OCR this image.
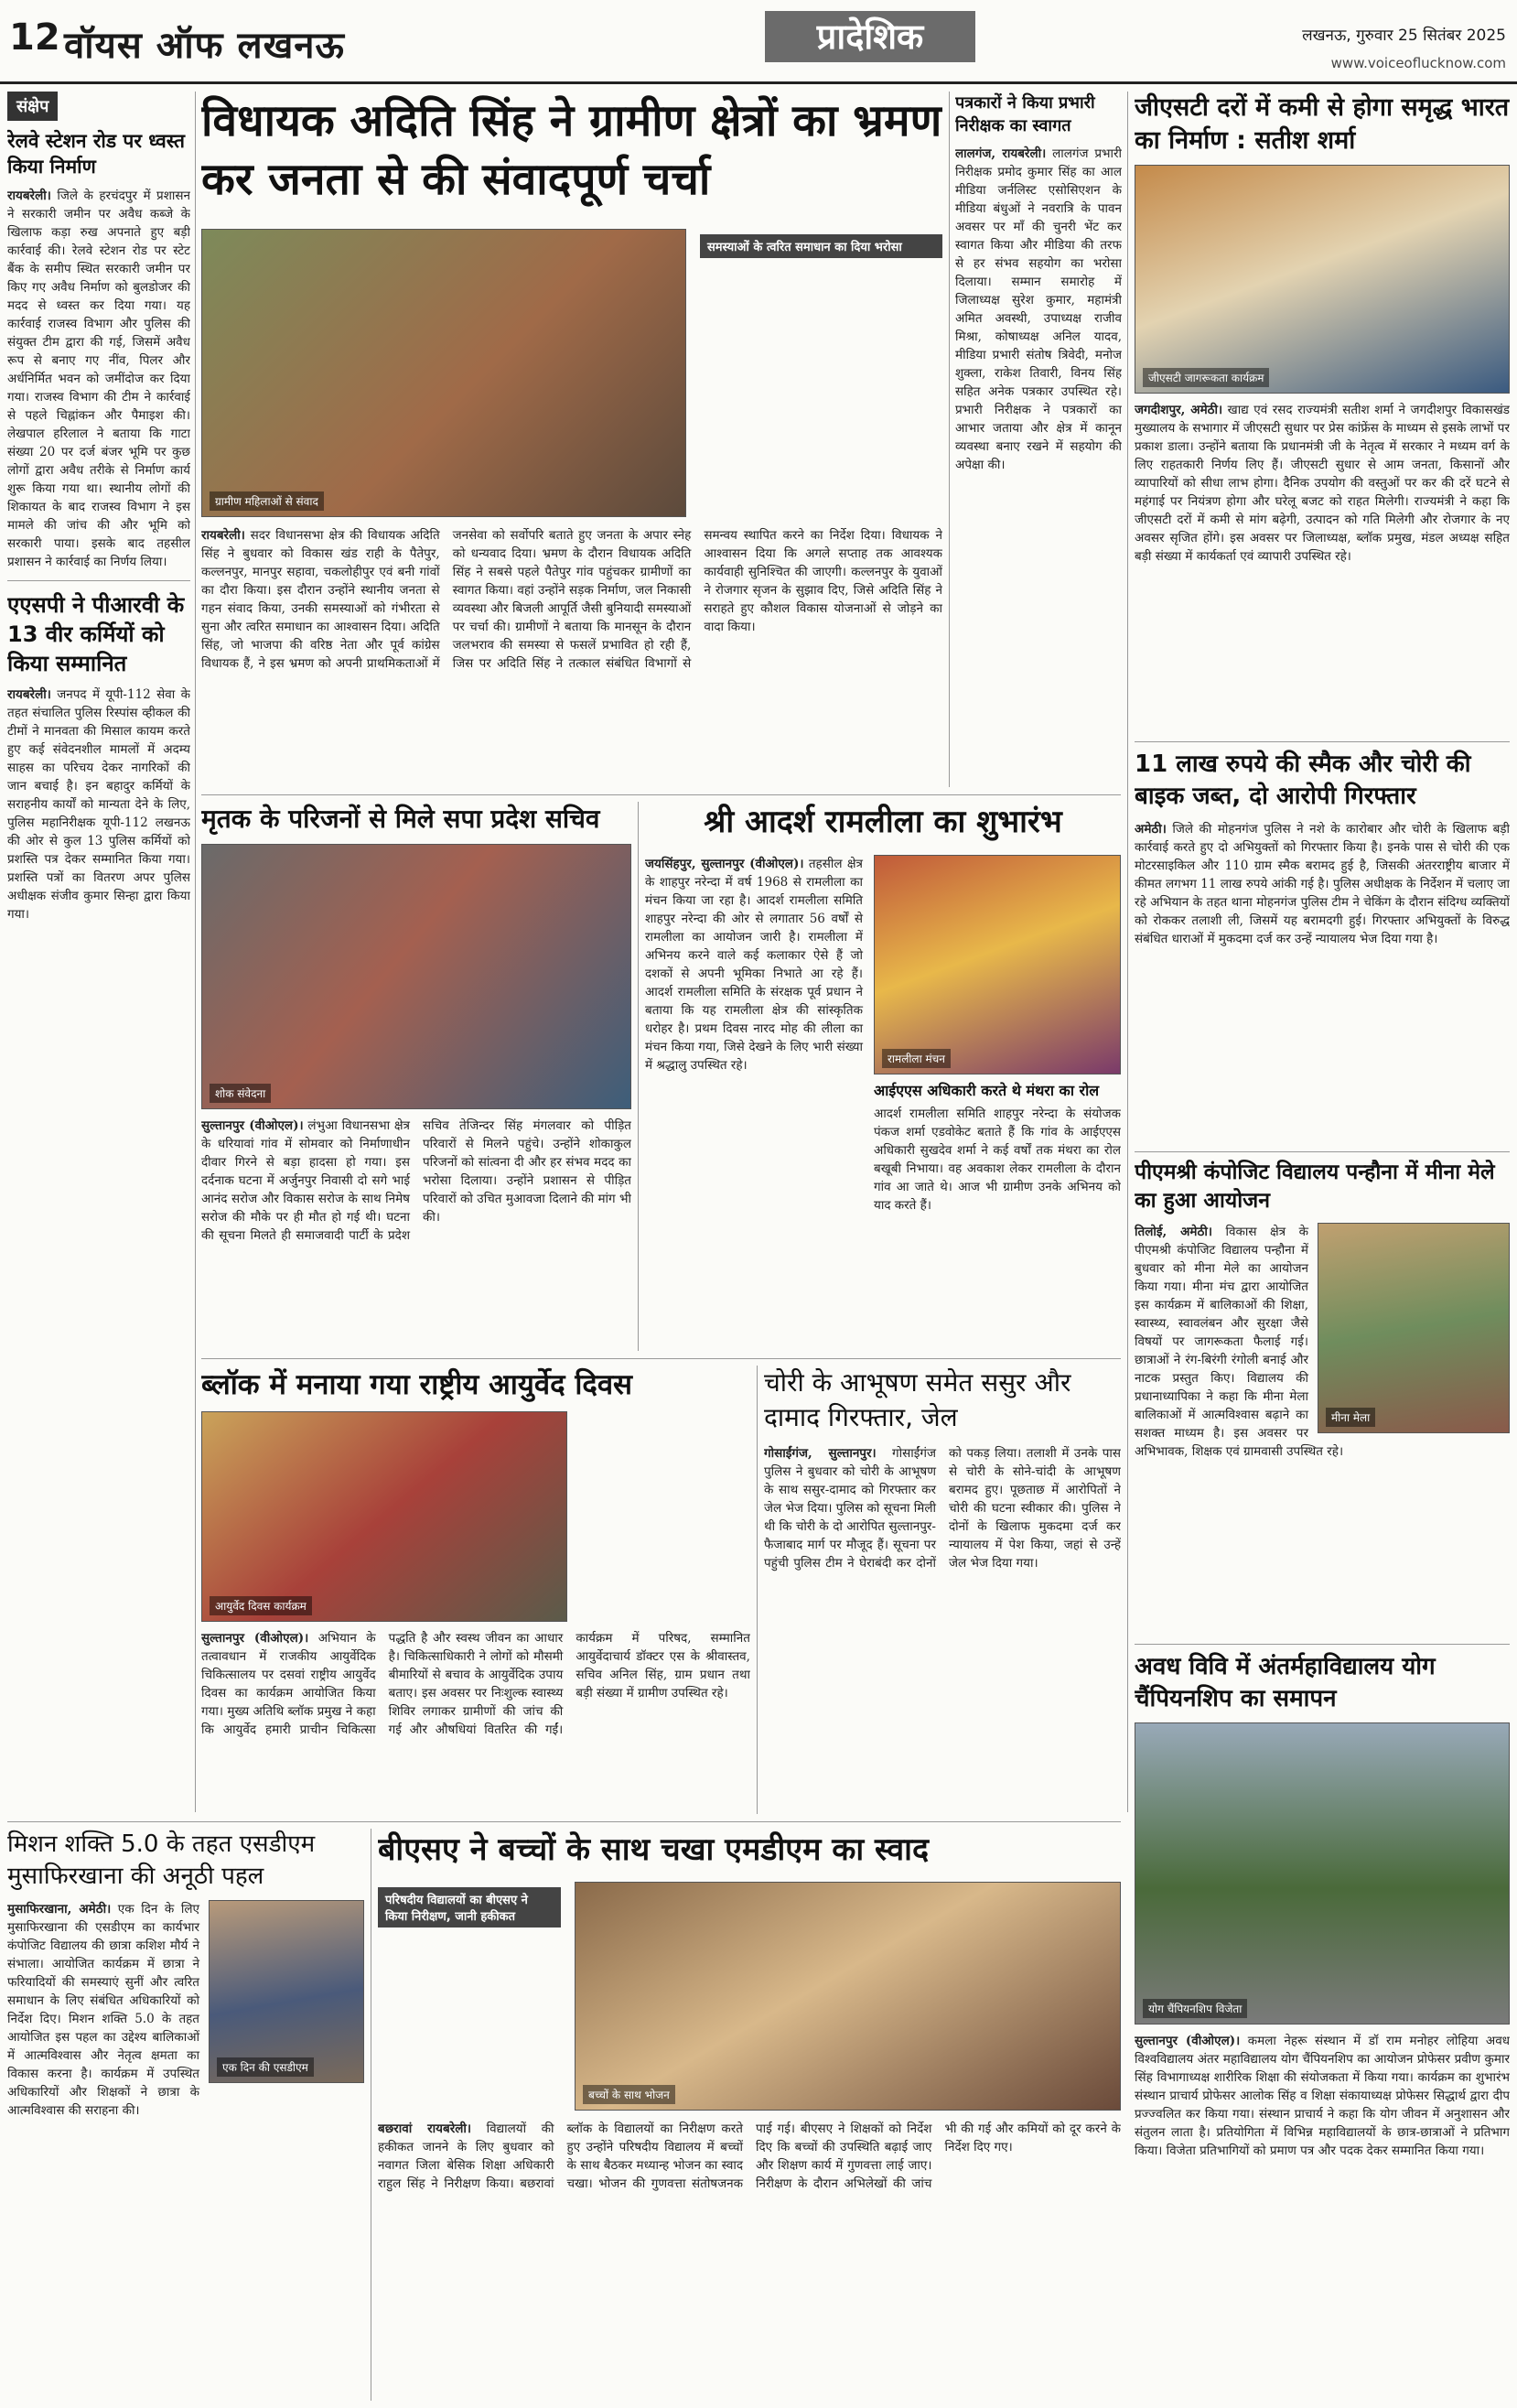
12 वॉयस ऑफ लखनऊ	प्रादेशिक	लखनऊ, गुरुवार 25 सितंबर 2025
www.voiceoflucknow.com
संक्षेप
रेलवे स्टेशन रोड पर ध्वस्त किया निर्माण

रायबरेली। जिले के हरचंदपुर में प्रशासन ने सरकारी जमीन पर अवैध कब्जे के खिलाफ कड़ा रुख अपनाते हुए बड़ी कार्रवाई की। रेलवे स्टेशन रोड पर स्टेट बैंक के समीप स्थित सरकारी जमीन पर किए गए अवैध निर्माण को बुलडोजर की मदद से ध्वस्त कर दिया गया। यह कार्रवाई राजस्व विभाग और पुलिस की संयुक्त टीम द्वारा की गई, जिसमें अवैध रूप से बनाए गए नींव, पिलर और अर्धनिर्मित भवन को जमींदोज कर दिया गया। राजस्व विभाग की टीम ने कार्रवाई से पहले चिह्नांकन और पैमाइश की। लेखपाल हरिलाल ने बताया कि गाटा संख्या 20 पर दर्ज बंजर भूमि पर कुछ लोगों द्वारा अवैध तरीके से निर्माण कार्य शुरू किया गया था। स्थानीय लोगों की शिकायत के बाद राजस्व विभाग ने इस मामले की जांच की और भूमि को सरकारी पाया। इसके बाद तहसील प्रशासन ने कार्रवाई का निर्णय लिया।

एएसपी ने पीआरवी के 13 वीर कर्मियों को किया सम्मानित

रायबरेली। जनपद में यूपी-112 सेवा के तहत संचालित पुलिस रिस्पांस व्हीकल की टीमों ने मानवता की मिसाल कायम करते हुए कई संवेदनशील मामलों में अदम्य साहस का परिचय देकर नागरिकों की जान बचाई है। इन बहादुर कर्मियों के सराहनीय कार्यों को मान्यता देने के लिए, पुलिस महानिरीक्षक यूपी-112 लखनऊ की ओर से कुल 13 पुलिस कर्मियों को प्रशस्ति पत्र देकर सम्मानित किया गया। प्रशस्ति पत्रों का वितरण अपर पुलिस अधीक्षक संजीव कुमार सिन्हा द्वारा किया गया।

विधायक अदिति सिंह ने ग्रामीण क्षेत्रों का भ्रमण कर जनता से की संवादपूर्ण चर्चा
ग्रामीण महिलाओं से संवाद
समस्याओं के त्वरित समाधान का दिया भरोसा

रायबरेली। सदर विधानसभा क्षेत्र की विधायक अदिति सिंह ने बुधवार को विकास खंड राही के पैतेपुर, कल्लनपुर, मानपुर सहावा, चकलोहीपुर एवं बनी गांवों का दौरा किया। इस दौरान उन्होंने स्थानीय जनता से गहन संवाद किया, उनकी समस्याओं को गंभीरता से सुना और त्वरित समाधान का आश्वासन दिया। अदिति सिंह, जो भाजपा की वरिष्ठ नेता और पूर्व कांग्रेस विधायक हैं, ने इस भ्रमण को अपनी प्राथमिकताओं में जनसेवा को सर्वोपरि बताते हुए जनता के अपार स्नेह को धन्यवाद दिया। भ्रमण के दौरान विधायक अदिति सिंह ने सबसे पहले पैतेपुर गांव पहुंचकर ग्रामीणों का स्वागत किया। वहां उन्होंने सड़क निर्माण, जल निकासी व्यवस्था और बिजली आपूर्ति जैसी बुनियादी समस्याओं पर चर्चा की। ग्रामीणों ने बताया कि मानसून के दौरान जलभराव की समस्या से फसलें प्रभावित हो रही हैं, जिस पर अदिति सिंह ने तत्काल संबंधित विभागों से समन्वय स्थापित करने का निर्देश दिया। विधायक ने आश्वासन दिया कि अगले सप्ताह तक आवश्यक कार्यवाही सुनिश्चित की जाएगी। कल्लनपुर के युवाओं ने रोजगार सृजन के सुझाव दिए, जिसे अदिति सिंह ने सराहते हुए कौशल विकास योजनाओं से जोड़ने का वादा किया।

पत्रकारों ने किया प्रभारी निरीक्षक का स्वागत

लालगंज, रायबरेली। लालगंज प्रभारी निरीक्षक प्रमोद कुमार सिंह का आल मीडिया जर्नलिस्ट एसोसिएशन के मीडिया बंधुओं ने नवरात्रि के पावन अवसर पर माँ की चुनरी भेंट कर स्वागत किया और मीडिया की तरफ से हर संभव सहयोग का भरोसा दिलाया। सम्मान समारोह में जिलाध्यक्ष सुरेश कुमार, महामंत्री अमित अवस्थी, उपाध्यक्ष राजीव मिश्रा, कोषाध्यक्ष अनिल यादव, मीडिया प्रभारी संतोष त्रिवेदी, मनोज शुक्ला, राकेश तिवारी, विनय सिंह सहित अनेक पत्रकार उपस्थित रहे। प्रभारी निरीक्षक ने पत्रकारों का आभार जताया और क्षेत्र में कानून व्यवस्था बनाए रखने में सहयोग की अपेक्षा की।

जीएसटी दरों में कमी से होगा समृद्ध भारत का निर्माण : सतीश शर्मा
जीएसटी जागरूकता कार्यक्रम

जगदीशपुर, अमेठी। खाद्य एवं रसद राज्यमंत्री सतीश शर्मा ने जगदीशपुर विकासखंड मुख्यालय के सभागार में जीएसटी सुधार पर प्रेस कांफ्रेंस के माध्यम से इसके लाभों पर प्रकाश डाला। उन्होंने बताया कि प्रधानमंत्री जी के नेतृत्व में सरकार ने मध्यम वर्ग के लिए राहतकारी निर्णय लिए हैं। जीएसटी सुधार से आम जनता, किसानों और व्यापारियों को सीधा लाभ होगा। दैनिक उपयोग की वस्तुओं पर कर की दरें घटने से महंगाई पर नियंत्रण होगा और घरेलू बजट को राहत मिलेगी। राज्यमंत्री ने कहा कि जीएसटी दरों में कमी से मांग बढ़ेगी, उत्पादन को गति मिलेगी और रोजगार के नए अवसर सृजित होंगे। इस अवसर पर जिलाध्यक्ष, ब्लॉक प्रमुख, मंडल अध्यक्ष सहित बड़ी संख्या में कार्यकर्ता एवं व्यापारी उपस्थित रहे।

11 लाख रुपये की स्मैक और चोरी की बाइक जब्त, दो आरोपी गिरफ्तार

अमेठी। जिले की मोहनगंज पुलिस ने नशे के कारोबार और चोरी के खिलाफ बड़ी कार्रवाई करते हुए दो अभियुक्तों को गिरफ्तार किया है। इनके पास से चोरी की एक मोटरसाइकिल और 110 ग्राम स्मैक बरामद हुई है, जिसकी अंतरराष्ट्रीय बाजार में कीमत लगभग 11 लाख रुपये आंकी गई है। पुलिस अधीक्षक के निर्देशन में चलाए जा रहे अभियान के तहत थाना मोहनगंज पुलिस टीम ने चेकिंग के दौरान संदिग्ध व्यक्तियों को रोककर तलाशी ली, जिसमें यह बरामदगी हुई। गिरफ्तार अभियुक्तों के विरुद्ध संबंधित धाराओं में मुकदमा दर्ज कर उन्हें न्यायालय भेज दिया गया है।

पीएमश्री कंपोजिट विद्यालय पन्हौना में मीना मेले का हुआ आयोजन
मीना मेला

तिलोई, अमेठी। विकास क्षेत्र के पीएमश्री कंपोजिट विद्यालय पन्हौना में बुधवार को मीना मेले का आयोजन किया गया। मीना मंच द्वारा आयोजित इस कार्यक्रम में बालिकाओं की शिक्षा, स्वास्थ्य, स्वावलंबन और सुरक्षा जैसे विषयों पर जागरूकता फैलाई गई। छात्राओं ने रंग-बिरंगी रंगोली बनाई और नाटक प्रस्तुत किए। विद्यालय की प्रधानाध्यापिका ने कहा कि मीना मेला बालिकाओं में आत्मविश्वास बढ़ाने का सशक्त माध्यम है। इस अवसर पर अभिभावक, शिक्षक एवं ग्रामवासी उपस्थित रहे।

अवध विवि में अंतर्महाविद्यालय योग चैंपियनशिप का समापन
योग चैंपियनशिप विजेता

सुल्तानपुर (वीओएल)। कमला नेहरू संस्थान में डॉ राम मनोहर लोहिया अवध विश्वविद्यालय अंतर महाविद्यालय योग चैंपियनशिप का आयोजन प्रोफेसर प्रवीण कुमार सिंह विभागाध्यक्ष शारीरिक शिक्षा की संयोजकता में किया गया। कार्यक्रम का शुभारंभ संस्थान प्राचार्य प्रोफेसर आलोक सिंह व शिक्षा संकायाध्यक्ष प्रोफेसर सिद्धार्थ द्वारा दीप प्रज्ज्वलित कर किया गया। संस्थान प्राचार्य ने कहा कि योग जीवन में अनुशासन और संतुलन लाता है। प्रतियोगिता में विभिन्न महाविद्यालयों के छात्र-छात्राओं ने प्रतिभाग किया। विजेता प्रतिभागियों को प्रमाण पत्र और पदक देकर सम्मानित किया गया।

मृतक के परिजनों से मिले सपा प्रदेश सचिव
शोक संवेदना

सुल्तानपुर (वीओएल)। लंभुआ विधानसभा क्षेत्र के धरियावां गांव में सोमवार को निर्माणाधीन दीवार गिरने से बड़ा हादसा हो गया। इस दर्दनाक घटना में अर्जुनपुर निवासी दो सगे भाई आनंद सरोज और विकास सरोज के साथ निमेष सरोज की मौके पर ही मौत हो गई थी। घटना की सूचना मिलते ही समाजवादी पार्टी के प्रदेश सचिव तेजिन्दर सिंह मंगलवार को पीड़ित परिवारों से मिलने पहुंचे। उन्होंने शोकाकुल परिजनों को सांत्वना दी और हर संभव मदद का भरोसा दिलाया। उन्होंने प्रशासन से पीड़ित परिवारों को उचित मुआवजा दिलाने की मांग भी की।

श्री आदर्श रामलीला का शुभारंभ
रामलीला मंचन

जयसिंहपुर, सुल्तानपुर (वीओएल)। तहसील क्षेत्र के शाहपुर नरेन्दा में वर्ष 1968 से रामलीला का मंचन किया जा रहा है। आदर्श रामलीला समिति शाहपुर नरेन्दा की ओर से लगातार 56 वर्षों से रामलीला का आयोजन जारी है। रामलीला में अभिनय करने वाले कई कलाकार ऐसे हैं जो दशकों से अपनी भूमिका निभाते आ रहे हैं। आदर्श रामलीला समिति के संरक्षक पूर्व प्रधान ने बताया कि यह रामलीला क्षेत्र की सांस्कृतिक धरोहर है। प्रथम दिवस नारद मोह की लीला का मंचन किया गया, जिसे देखने के लिए भारी संख्या में श्रद्धालु उपस्थित रहे।

आईएएस अधिकारी करते थे मंथरा का रोल

आदर्श रामलीला समिति शाहपुर नरेन्दा के संयोजक पंकज शर्मा एडवोकेट बताते हैं कि गांव के आईएएस अधिकारी सुखदेव शर्मा ने कई वर्षों तक मंथरा का रोल बखूबी निभाया। वह अवकाश लेकर रामलीला के दौरान गांव आ जाते थे। आज भी ग्रामीण उनके अभिनय को याद करते हैं।

ब्लॉक में मनाया गया राष्ट्रीय आयुर्वेद दिवस
आयुर्वेद दिवस कार्यक्रम

सुल्तानपुर (वीओएल)। अभियान के तत्वावधान में राजकीय आयुर्वेदिक चिकित्सालय पर दसवां राष्ट्रीय आयुर्वेद दिवस का कार्यक्रम आयोजित किया गया। मुख्य अतिथि ब्लॉक प्रमुख ने कहा कि आयुर्वेद हमारी प्राचीन चिकित्सा पद्धति है और स्वस्थ जीवन का आधार है। चिकित्साधिकारी ने लोगों को मौसमी बीमारियों से बचाव के आयुर्वेदिक उपाय बताए। इस अवसर पर निःशुल्क स्वास्थ्य शिविर लगाकर ग्रामीणों की जांच की गई और औषधियां वितरित की गईं। कार्यक्रम में परिषद, सम्मानित आयुर्वेदाचार्य डॉक्टर एस के श्रीवास्तव, सचिव अनिल सिंह, ग्राम प्रधान तथा बड़ी संख्या में ग्रामीण उपस्थित रहे।

चोरी के आभूषण समेत ससुर और दामाद गिरफ्तार, जेल

गोसाईंगंज, सुल्तानपुर। गोसाईंगंज पुलिस ने बुधवार को चोरी के आभूषण के साथ ससुर-दामाद को गिरफ्तार कर जेल भेज दिया। पुलिस को सूचना मिली थी कि चोरी के दो आरोपित सुल्तानपुर-फैजाबाद मार्ग पर मौजूद हैं। सूचना पर पहुंची पुलिस टीम ने घेराबंदी कर दोनों को पकड़ लिया। तलाशी में उनके पास से चोरी के सोने-चांदी के आभूषण बरामद हुए। पूछताछ में आरोपितों ने चोरी की घटना स्वीकार की। पुलिस ने दोनों के खिलाफ मुकदमा दर्ज कर न्यायालय में पेश किया, जहां से उन्हें जेल भेज दिया गया।

मिशन शक्ति 5.0 के तहत एसडीएम मुसाफिरखाना की अनूठी पहल
एक दिन की एसडीएम

मुसाफिरखाना, अमेठी। एक दिन के लिए मुसाफिरखाना की एसडीएम का कार्यभार कंपोजिट विद्यालय की छात्रा कशिश मौर्य ने संभाला। आयोजित कार्यक्रम में छात्रा ने फरियादियों की समस्याएं सुनीं और त्वरित समाधान के लिए संबंधित अधिकारियों को निर्देश दिए। मिशन शक्ति 5.0 के तहत आयोजित इस पहल का उद्देश्य बालिकाओं में आत्मविश्वास और नेतृत्व क्षमता का विकास करना है। कार्यक्रम में उपस्थित अधिकारियों और शिक्षकों ने छात्रा के आत्मविश्वास की सराहना की।

बीएसए ने बच्चों के साथ चखा एमडीएम का स्वाद
परिषदीय विद्यालयों का बीएसए ने किया निरीक्षण, जानी हकीकत
बच्चों के साथ भोजन

बछरावां रायबरेली। विद्यालयों की हकीकत जानने के लिए बुधवार को नवागत जिला बेसिक शिक्षा अधिकारी राहुल सिंह ने निरीक्षण किया। बछरावां ब्लॉक के विद्यालयों का निरीक्षण करते हुए उन्होंने परिषदीय विद्यालय में बच्चों के साथ बैठकर मध्यान्ह भोजन का स्वाद चखा। भोजन की गुणवत्ता संतोषजनक पाई गई। बीएसए ने शिक्षकों को निर्देश दिए कि बच्चों की उपस्थिति बढ़ाई जाए और शिक्षण कार्य में गुणवत्ता लाई जाए। निरीक्षण के दौरान अभिलेखों की जांच भी की गई और कमियों को दूर करने के निर्देश दिए गए।
